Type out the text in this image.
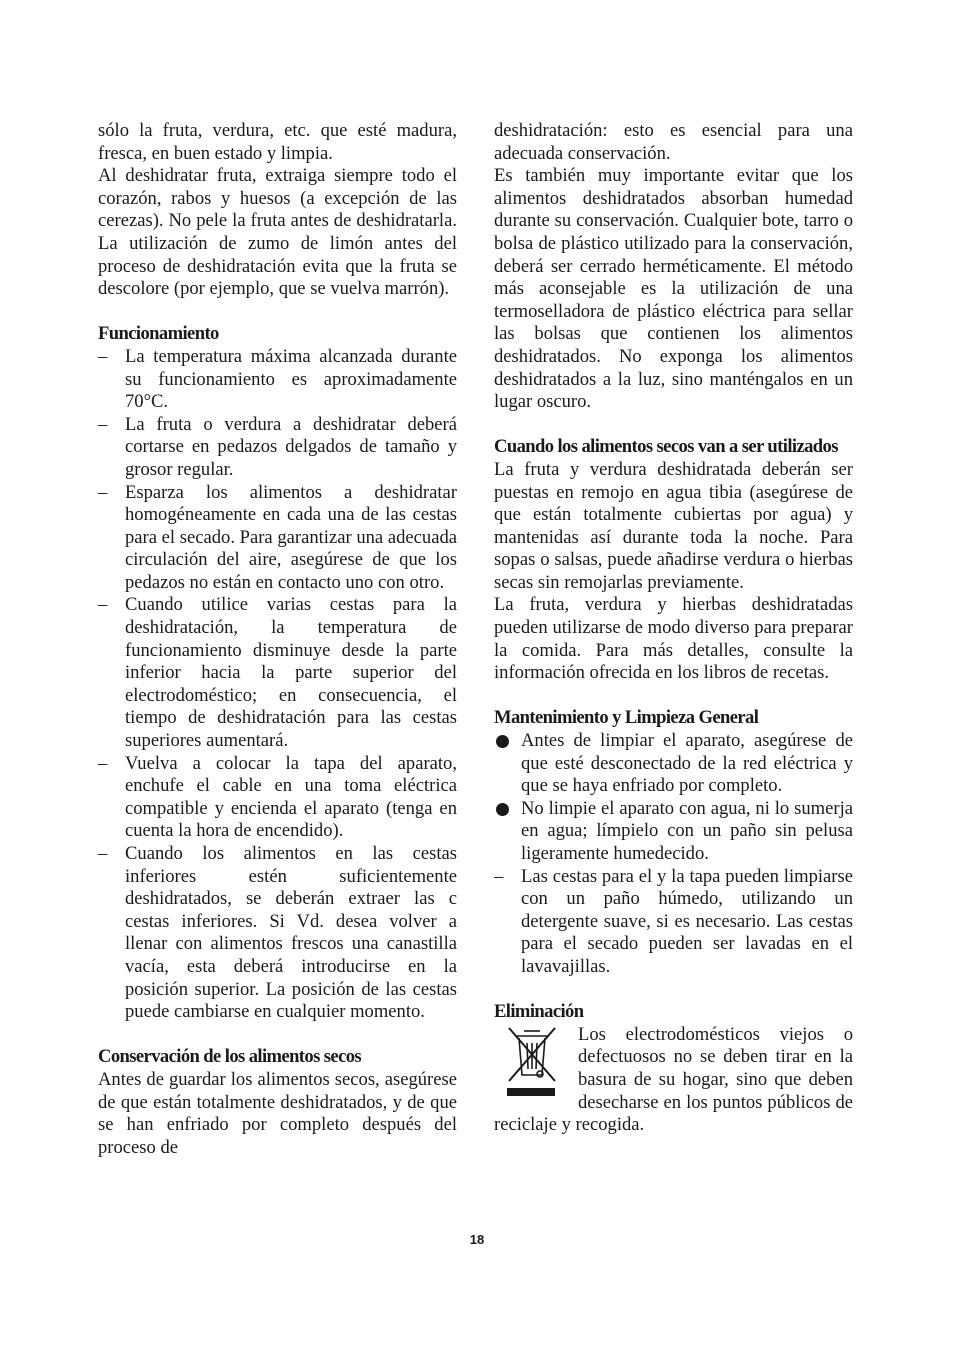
sólo la fruta, verdura, etc. que esté madura, fresca, en buen estado y limpia.

Al deshidratar fruta, extraiga siempre todo el corazón, rabos y huesos (a excepción de las cerezas). No pele la fruta antes de deshidratarla. La utilización de zumo de limón antes del proceso de deshidratación evita que la fruta se descolore (por ejemplo, que se vuelva marrón).

Funcionamiento
– La temperatura máxima alcanzada durante su funcionamiento es aproximadamente 70°C.
– La fruta o verdura a deshidratar deberá cortarse en pedazos delgados de tamaño y grosor regular.
– Esparza los alimentos a deshidratar homogéneamente en cada una de las cestas para el secado. Para garantizar una adecuada circulación del aire, asegúrese de que los pedazos no están en contacto uno con otro.
– Cuando utilice varias cestas para la deshidratación, la temperatura de funcionamiento disminuye desde la parte inferior hacia la parte superior del electrodoméstico; en consecuencia, el tiempo de deshidratación para las cestas superiores aumentará.
– Vuelva a colocar la tapa del aparato, enchufe el cable en una toma eléctrica compatible y encienda el aparato (tenga en cuenta la hora de encendido).
– Cuando los alimentos en las cestas inferiores estén suficientemente deshidratados, se deberán extraer las c cestas inferiores. Si Vd. desea volver a llenar con alimentos frescos una canastilla vacía, esta deberá introducirse en la posición superior. La posición de las cestas puede cambiarse en cualquier momento.
Conservación de los alimentos secos

Antes de guardar los alimentos secos, asegúrese de que están totalmente deshidratados, y de que se han enfriado por completo después del proceso de

deshidratación: esto es esencial para una adecuada conservación.

Es también muy importante evitar que los alimentos deshidratados absorban humedad durante su conservación. Cualquier bote, tarro o bolsa de plástico utilizado para la conservación, deberá ser cerrado herméticamente. El método más aconsejable es la utilización de una termoselladora de plástico eléctrica para sellar las bolsas que contienen los alimentos deshidratados. No exponga los alimentos deshidratados a la luz, sino manténgalos en un lugar oscuro.

Cuando los alimentos secos van a ser utilizados

La fruta y verdura deshidratada deberán ser puestas en remojo en agua tibia (asegúrese de que están totalmente cubiertas por agua) y mantenidas así durante toda la noche. Para sopas o salsas, puede añadirse verdura o hierbas secas sin remojarlas previamente.

La fruta, verdura y hierbas deshidratadas pueden utilizarse de modo diverso para preparar la comida. Para más detalles, consulte la información ofrecida en los libros de recetas.

Mantenimiento y Limpieza General
Antes de limpiar el aparato, asegúrese de que esté desconectado de la red eléctrica y que se haya enfriado por completo.
No limpie el aparato con agua, ni lo sumerja en agua; límpielo con un paño sin pelusa ligeramente humedecido.
– Las cestas para el y la tapa pueden limpiarse con un paño húmedo, utilizando un detergente suave, si es necesario. Las cestas para el secado pueden ser lavadas en el lavavajillas.
Eliminación

Los electrodomésticos viejos o defectuosos no se deben tirar en la basura de su hogar, sino que deben desecharse en los puntos públicos de reciclaje y recogida.

18
